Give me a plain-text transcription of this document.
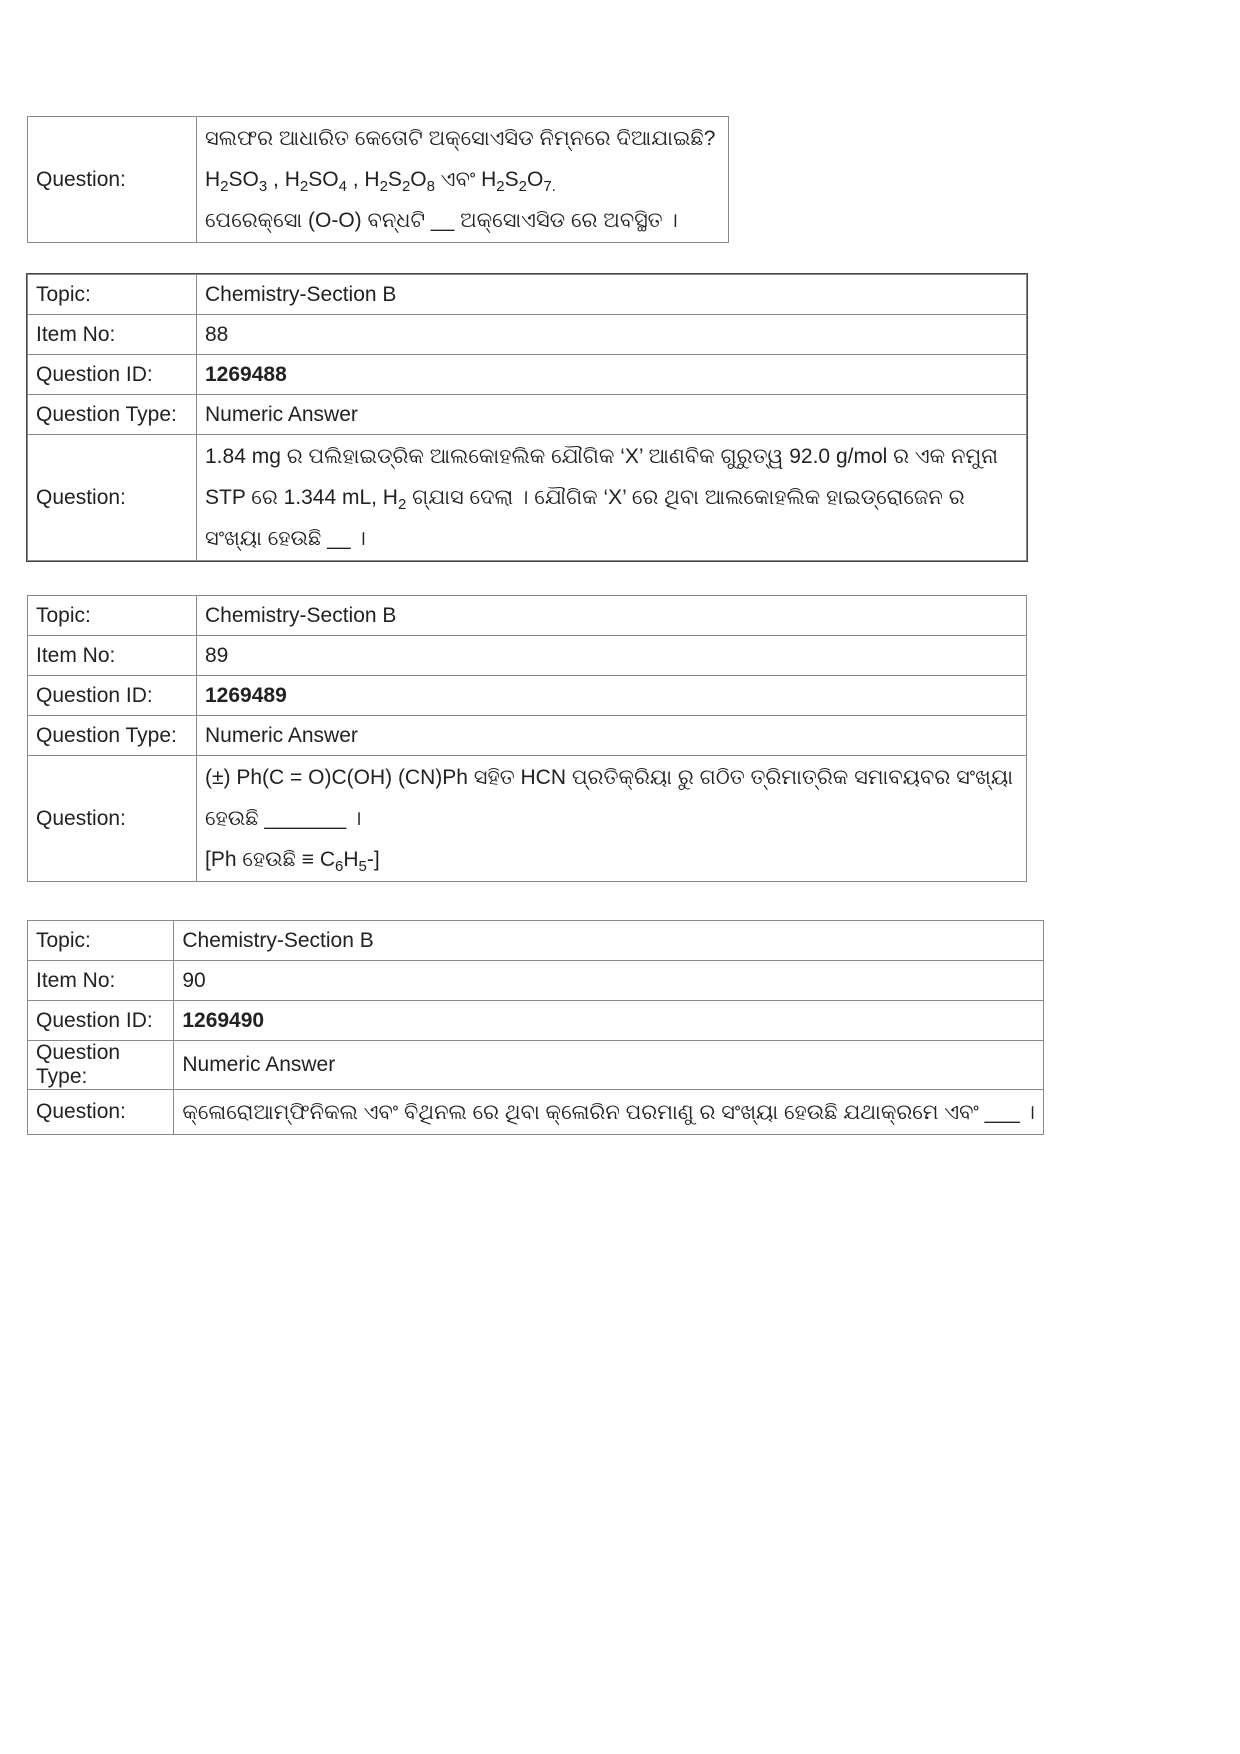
Question:	
ସଲଫର ଆଧାରିତ କେତୋଟି ଅକ୍ସୋଏସିଡ ନିମ୍ନରେ ଦିଆଯାଇଛି?
$H_2SO_3$ , $H_2SO_4$ , $H_2S_2O_8$ ଏବଂ $H_2S_2O_{7.}$
ପେରେକ୍ସୋ (O-O) ବନ୍ଧଟି __ ଅକ୍ସୋଏସିଡ ରେ ଅବସ୍ଥିତ ।
Topic:	Chemistry-Section B
Item No:	88
Question ID:	1269488
Question Type:	Numeric Answer
Question:	1.84 mg ର ପଲିହାଇଡ୍ରିକ ଆଲକୋହଲିକ ଯୌଗିକ ‘X’ ଆଣବିକ ଗୁରୁତ୍ୱ 92.0 g/mol ର ଏକ ନମୁନା
STP ରେ 1.344 mL, $H_2$ ଗ୍ଯାସ ଦେଲା । ଯୌଗିକ ‘X’ ରେ ଥିବା ଆଲକୋହଲିକ ହାଇଡ୍ରୋଜେନ ର
ସଂଖ୍ୟା ହେଉଛି __ ।
Topic:	Chemistry-Section B
Item No:	89
Question ID:	1269489
Question Type:	Numeric Answer
Question:	(±) Ph(C = O)C(OH) (CN)Ph ସହିତ HCN ପ୍ରତିକ୍ରିୟା ରୁ ଗଠିତ ତ୍ରିମାତ୍ରିକ ସମାବୟବର ସଂଖ୍ୟା
ହେଉଛି _______ ।
[Ph ହେଉଛି ≡ $C_6H_5-$]
Topic:	Chemistry-Section B
Item No:	90
Question ID:	1269490
Question Type:	Numeric Answer
Question:	କ୍ଳୋରୋଆମ୍ଫିନିକଲ ଏବଂ ବିଥିନଲ ରେ ଥିବା କ୍ଳୋରିନ ପରମାଣୁ ର ସଂଖ୍ୟା ହେଉଛି ଯଥାକ୍ରମେ ଏବଂ ___ ।
